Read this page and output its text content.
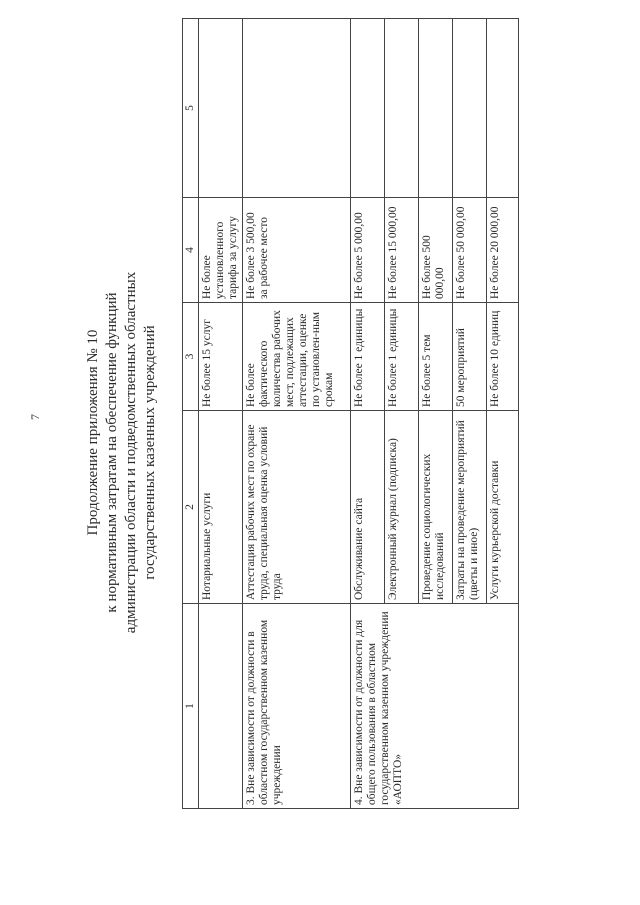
7	Продолжение приложения № 10 к нормативным затратам на обеспечение функций администрации области и подведомственных областных государственных казенных учреждений
1	2	3	4	5
	Нотариальные услуги	Не более 15 услуг	Не более установленного тарифа за услугу	
3. Вне зависимости от должности в областном государственном казенном учреждении	Аттестация рабочих мест по охране труда, специальная оценка условий труда	Не более фактического количества рабочих мест, подлежащих аттестации, оценке по установлен-ным срокам	Не более 3 500,00 за рабочее место	
4. Вне зависимости от должности для общего пользования в областном государственном казенном учреждении «АОПТО»	Обслуживание сайта	Не более 1 единицы	Не более 5 000,00	
	Электронный журнал (подписка)	Не более 1 единицы	Не более 15 000,00	
	Проведение социологических исследований	Не более 5 тем	Не более 500 000,00	
	Затраты на проведение мероприятий (цветы и иное)	50 мероприятий	Не более 50 000,00	
	Услуги курьерской доставки	Не более 10 единиц	Не более 20 000,00	
